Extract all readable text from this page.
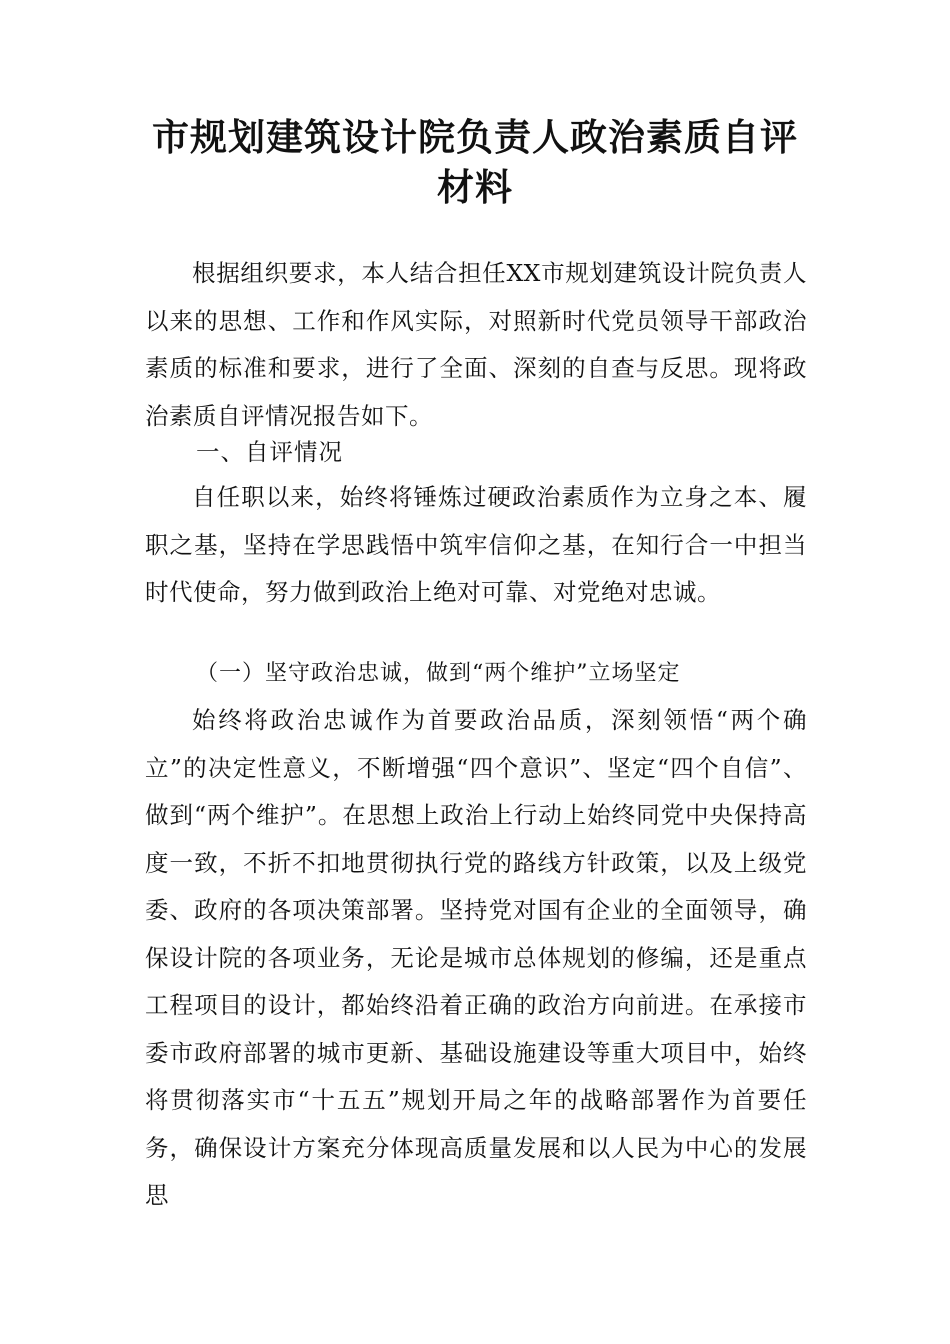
市规划建筑设计院负责人政治素质自评材料

根据组织要求，本人结合担任XX市规划建筑设计院负责人以来的思想、工作和作风实际，对照新时代党员领导干部政治素质的标准和要求，进行了全面、深刻的自查与反思。现将政治素质自评情况报告如下。

一、自评情况

自任职以来，始终将锤炼过硬政治素质作为立身之本、履职之基，坚持在学思践悟中筑牢信仰之基，在知行合一中担当时代使命，努力做到政治上绝对可靠、对党绝对忠诚。

（一）坚守政治忠诚，做到“两个维护”立场坚定

始终将政治忠诚作为首要政治品质，深刻领悟“两个确立”的决定性意义，不断增强“四个意识”、坚定“四个自信”、做到“两个维护”。在思想上政治上行动上始终同党中央保持高度一致，不折不扣地贯彻执行党的路线方针政策，以及上级党委、政府的各项决策部署。坚持党对国有企业的全面领导，确保设计院的各项业务，无论是城市总体规划的修编，还是重点工程项目的设计，都始终沿着正确的政治方向前进。在承接市委市政府部署的城市更新、基础设施建设等重大项目中，始终将贯彻落实市“十五五”规划开局之年的战略部署作为首要任务，确保设计方案充分体现高质量发展和以人民为中心的发展思
